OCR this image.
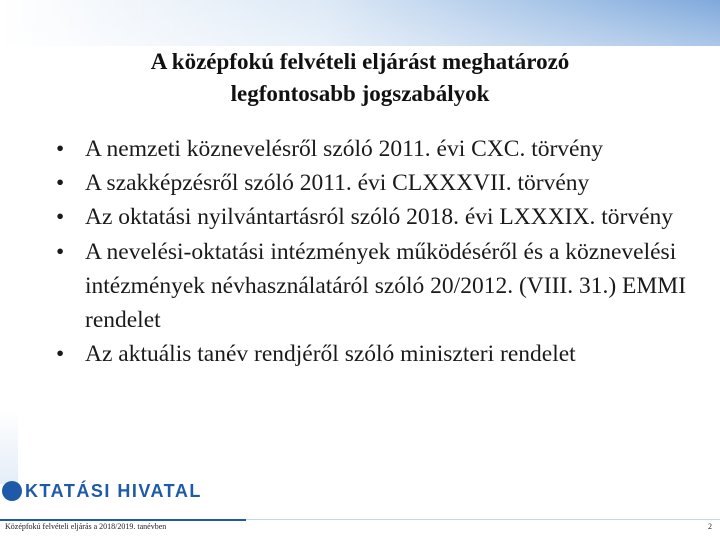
A középfokú felvételi eljárást meghatározó
legfontosabb jogszabályok
• A nemzeti köznevelésről szóló 2011. évi CXC. törvény
• A szakképzésről szóló 2011. évi CLXXXVII. törvény
• Az oktatási nyilvántartásról szóló 2018. évi LXXXIX. törvény
• A nevelési-oktatási intézmények működéséről és a köznevelési intézmények névhasználatáról szóló 20/2012. (VIII. 31.) EMMI rendelet
• Az aktuális tanév rendjéről szóló miniszteri rendelet
KTATÁSI HIVATAL
Középfokú felvételi eljárás a 2018/2019. tanévben	2
